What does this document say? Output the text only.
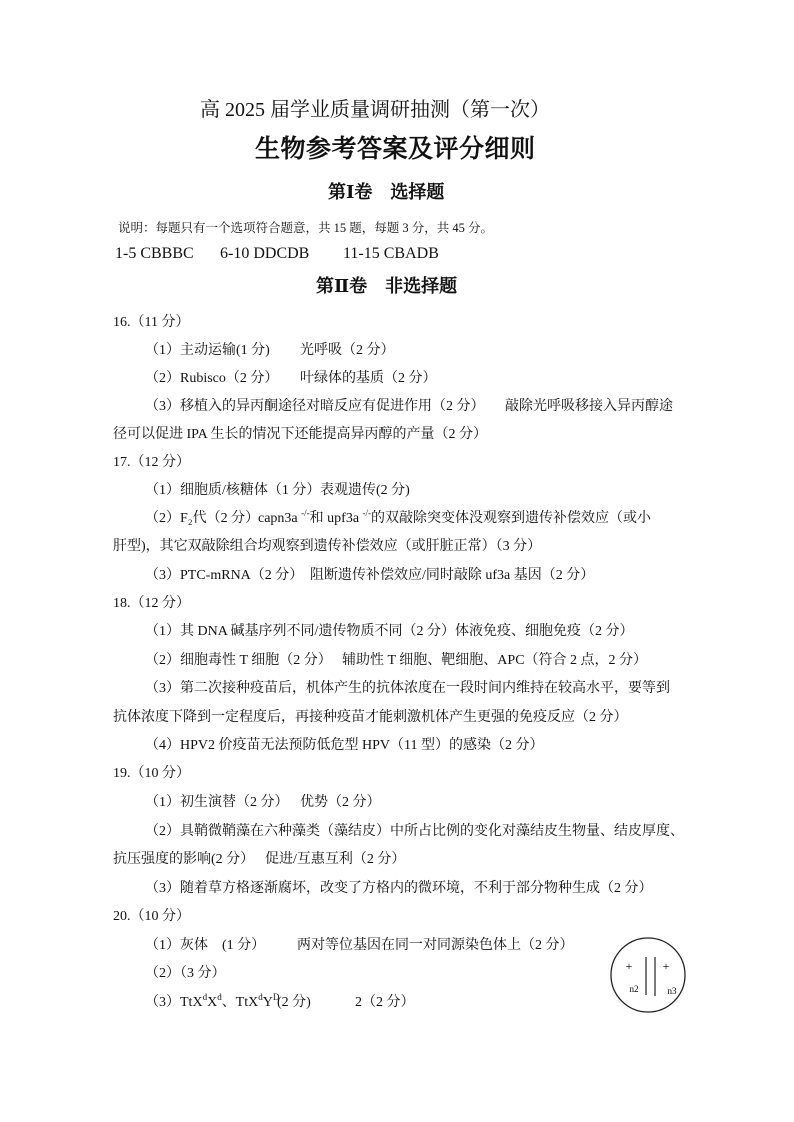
高 2025 届学业质量调研抽测（第一次）
生物参考答案及评分细则
第Ⅰ卷　选择题
说明：每题只有一个选项符合题意，共 15 题，每题 3 分，共 45 分。
1-5 CBBBC 6-10 DDCDB 11-15 CBADB
第Ⅱ卷　非选择题
16.（11 分）
（1）主动运输(1 分) 光呼吸（2 分）
（2）Rubisco（2 分） 叶绿体的基质（2 分）
（3）移植入的异丙酮途径对暗反应有促进作用（2 分） 敲除光呼吸移接入异丙醇途
径可以促进 IPA 生长的情况下还能提高异丙醇的产量（2 分）
17.（12 分）
（1）细胞质/核糖体（1 分） 表观遗传(2 分)
（2）F₂代（2 分）
capn3a -/-和 upf3a -/-的双敲除突变体没观察到遗传补偿效应（或小
肝型)，其它双敲除组合均观察到遗传补偿效应（或肝脏正常）（3 分）
（3）PTC-mRNA（2 分） 阻断遗传补偿效应/同时敲除 uf3a 基因（2 分）
18.（12 分）
（1）其 DNA 碱基序列不同/遗传物质不同（2 分） 体液免疫、细胞免疫（2 分）
（2）细胞毒性 T 细胞（2 分） 辅助性 T 细胞、靶细胞、APC（符合 2 点，2 分）
（3）第二次接种疫苗后，机体产生的抗体浓度在一段时间内维持在较高水平，要等到
抗体浓度下降到一定程度后，再接种疫苗才能刺激机体产生更强的免疫反应（2 分）
（4）HPV2 价疫苗无法预防低危型 HPV（11 型）的感染（2 分）
19.（10 分）
（1）初生演替（2 分） 优势（2 分）
（2）具鞘微鞘藻在六种藻类（藻结皮）中所占比例的变化对藻结皮生物量、结皮厚度、
抗压强度的影响(2 分） 促进/互惠互利（2 分）
（3）随着草方格逐渐腐坏，改变了方格内的微环境，不利于部分物种生成（2 分）
20.（10 分）
（1）灰体　(1 分） 两对等位基因在同一对同源染色体上（2 分）
（2）（3 分）
$(3)TtX^dX^d$、$TtX^dY^D$
(2 分)	2（2 分）
+	+
n2	n3
